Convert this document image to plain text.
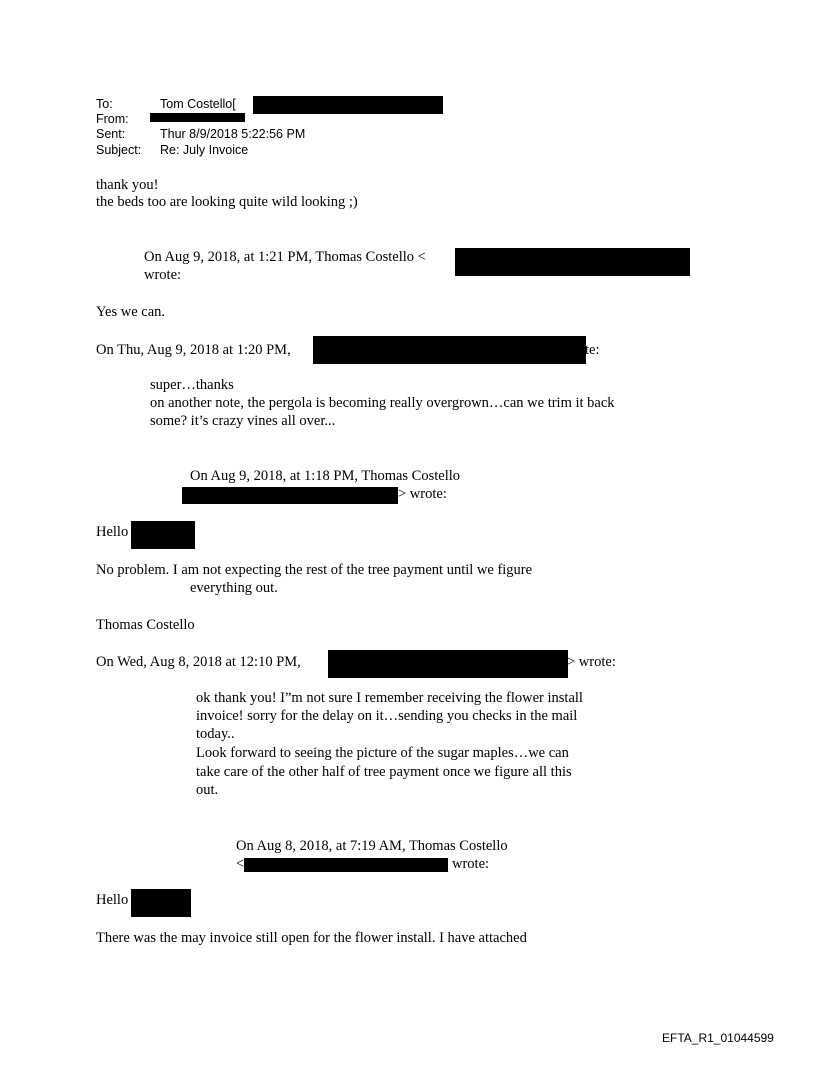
To:	Tom Costello[
From:
Sent:	Thur 8/9/2018 5:22:56 PM
Subject: Re: July Invoice
thank you!
the beds too are looking quite wild looking ;)
On Aug 9, 2018, at 1:21 PM, Thomas Costello <
wrote:
Yes we can.
On Thu, Aug 9, 2018 at 1:20 PM,	te:
super…thanks
on another note, the pergola is becoming really overgrown…can we trim it back
some? it’s crazy vines all over...
On Aug 9, 2018, at 1:18 PM, Thomas Costello
> wrote:
Hello
No problem. I am not expecting the rest of the tree payment until we figure
everything out.
Thomas Costello
On Wed, Aug 8, 2018 at 12:10 PM,	> wrote:
ok thank you! I”m not sure I remember receiving the flower install
invoice! sorry for the delay on it…sending you checks in the mail
today..
Look forward to seeing the picture of the sugar maples…we can
take care of the other half of tree payment once we figure all this
out.
On Aug 8, 2018, at 7:19 AM, Thomas Costello
<	wrote:
Hello
There was the may invoice still open for the flower install. I have attached
EFTA_R1_01044599
